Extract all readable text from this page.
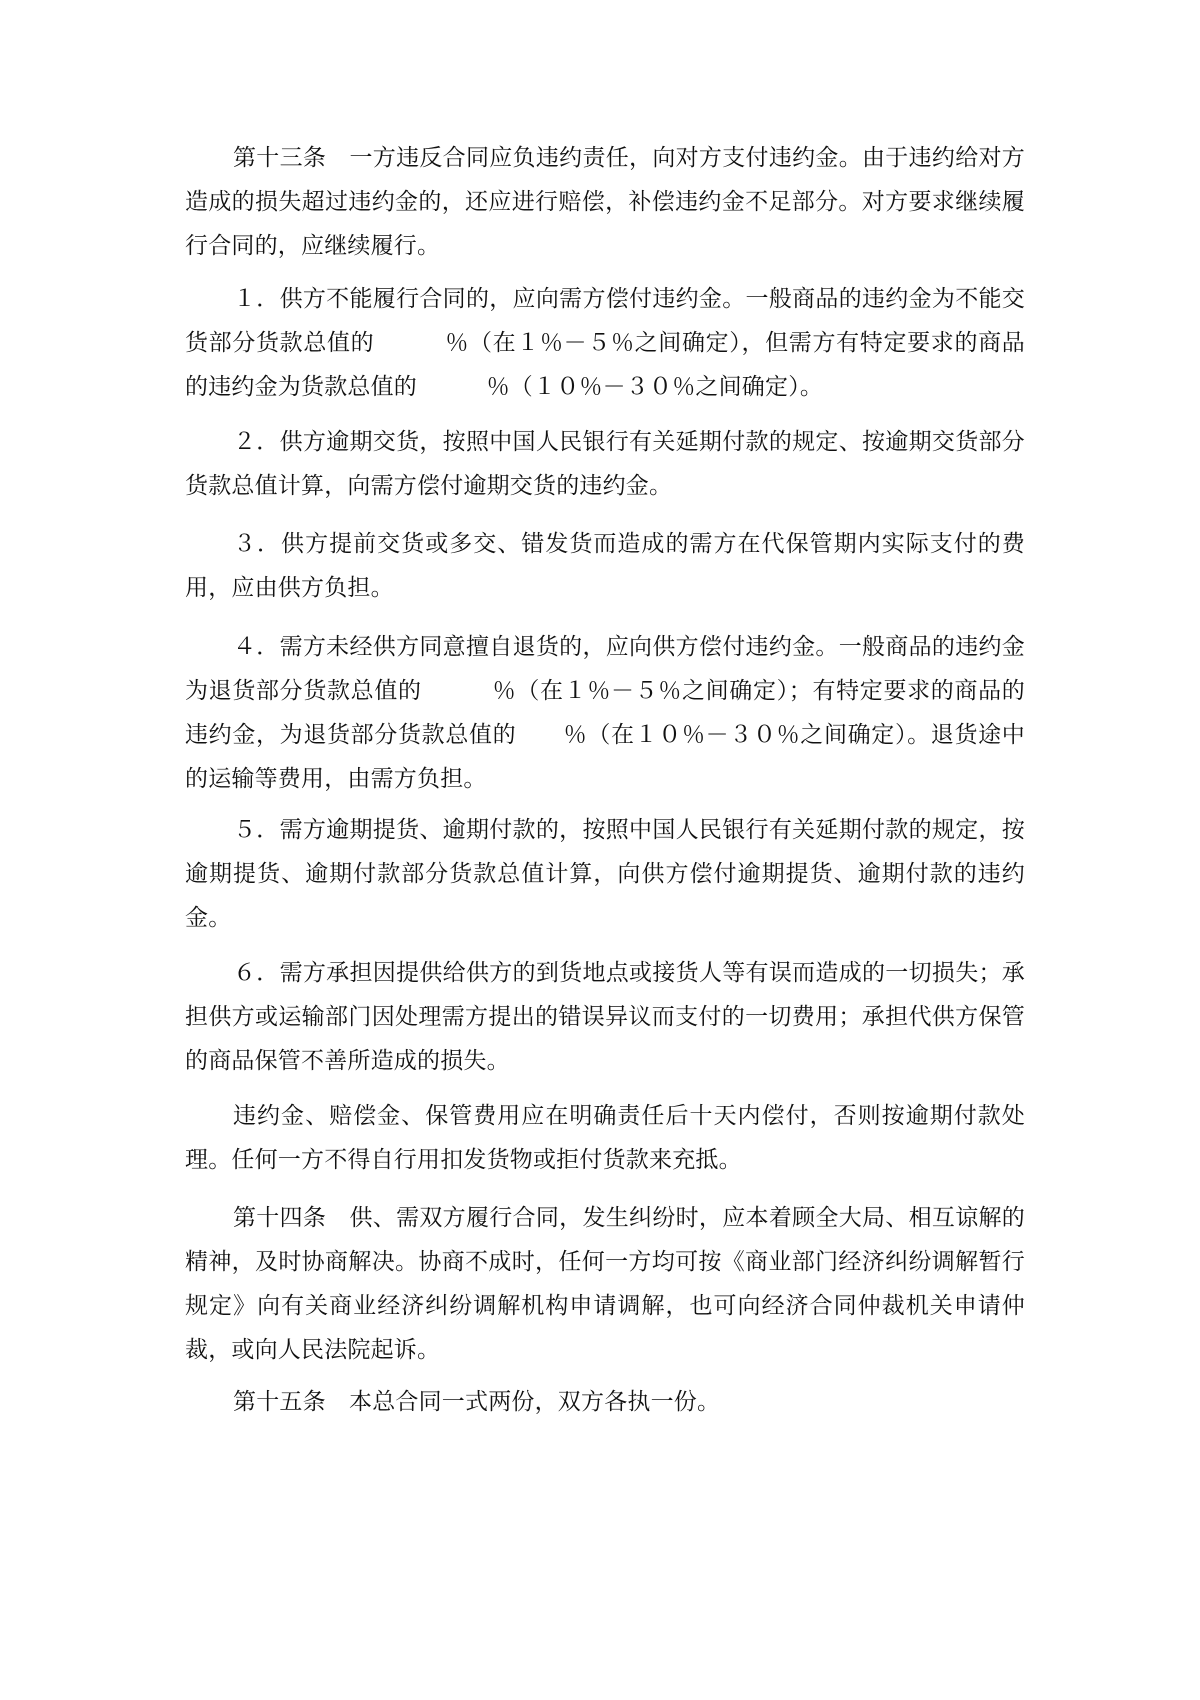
第十三条　一方违反合同应负违约责任，向对方支付违约金。由于违约给对方造成的损失超过违约金的，还应进行赔偿，补偿违约金不足部分。对方要求继续履行合同的，应继续履行。

１．供方不能履行合同的，应向需方偿付违约金。一般商品的违约金为不能交货部分货款总值的　　　％（在１％－５％之间确定），但需方有特定要求的商品的违约金为货款总值的　　　％（１０％－３０％之间确定）。

２．供方逾期交货，按照中国人民银行有关延期付款的规定、按逾期交货部分货款总值计算，向需方偿付逾期交货的违约金。

３．供方提前交货或多交、错发货而造成的需方在代保管期内实际支付的费用，应由供方负担。

４．需方未经供方同意擅自退货的，应向供方偿付违约金。一般商品的违约金为退货部分货款总值的　　　％（在１％－５％之间确定）；有特定要求的商品的违约金，为退货部分货款总值的　　％（在１０％－３０％之间确定）。退货途中的运输等费用，由需方负担。

５．需方逾期提货、逾期付款的，按照中国人民银行有关延期付款的规定，按逾期提货、逾期付款部分货款总值计算，向供方偿付逾期提货、逾期付款的违约金。

６．需方承担因提供给供方的到货地点或接货人等有误而造成的一切损失；承担供方或运输部门因处理需方提出的错误异议而支付的一切费用；承担代供方保管的商品保管不善所造成的损失。

违约金、赔偿金、保管费用应在明确责任后十天内偿付，否则按逾期付款处理。任何一方不得自行用扣发货物或拒付货款来充抵。

第十四条　供、需双方履行合同，发生纠纷时，应本着顾全大局、相互谅解的精神，及时协商解决。协商不成时，任何一方均可按《商业部门经济纠纷调解暂行规定》向有关商业经济纠纷调解机构申请调解，也可向经济合同仲裁机关申请仲裁，或向人民法院起诉。

第十五条　本总合同一式两份，双方各执一份。
